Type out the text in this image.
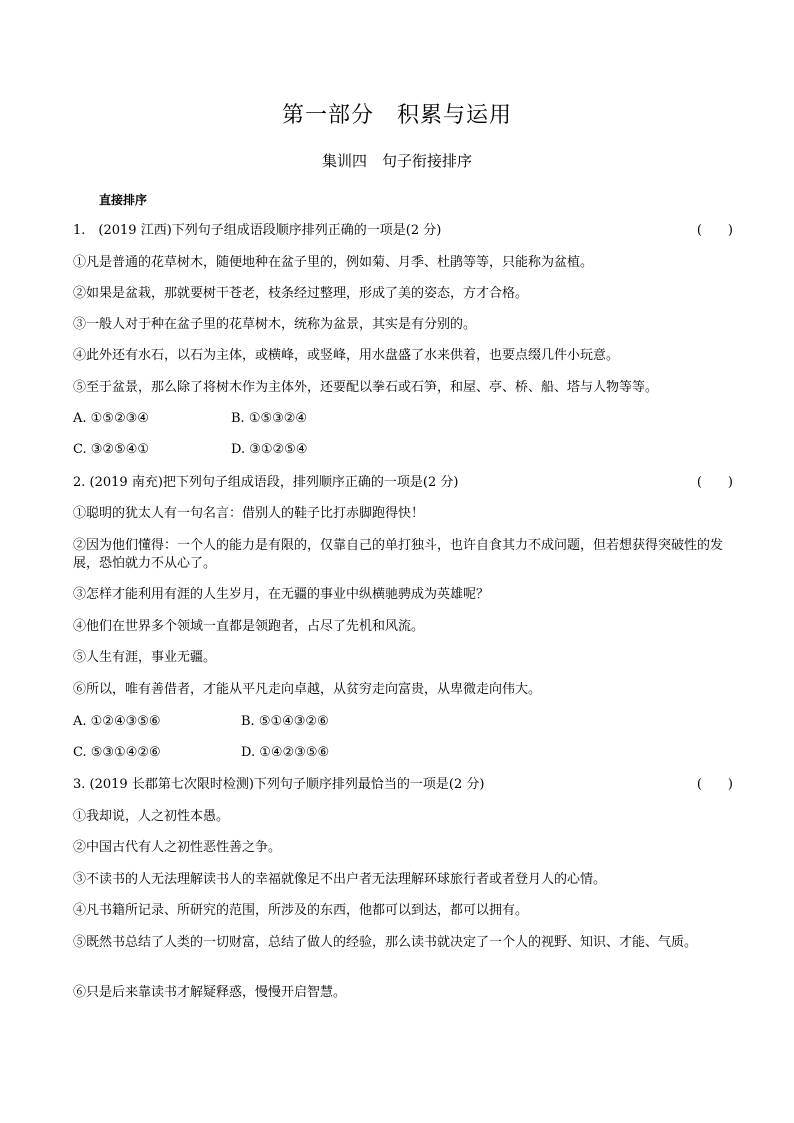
第一部分　积累与运用
集训四　句子衔接排序
直接排序
1.　(2019 江西)下列句子组成语段顺序排列正确的一项是(2 分)	(　　)
①凡是普通的花草树木，随便地种在盆子里的，例如菊、月季、杜鹃等等，只能称为盆植。
②如果是盆栽，那就要树干苍老，枝条经过整理，形成了美的姿态，方才合格。
③一般人对于种在盆子里的花草树木，统称为盆景，其实是有分别的。
④此外还有水石，以石为主体，或横峰，或竖峰，用水盘盛了水来供着，也要点缀几件小玩意。
⑤至于盆景，那么除了将树木作为主体外，还要配以拳石或石笋，和屋、亭、桥、船、塔与人物等等。
A. ①⑤②③④	B. ①⑤③②④
C. ③②⑤④①	D. ③①②⑤④
2. (2019 南充)把下列句子组成语段，排列顺序正确的一项是(2 分)	(　　)
①聪明的犹太人有一句名言：借别人的鞋子比打赤脚跑得快！
②因为他们懂得：一个人的能力是有限的，仅靠自己的单打独斗，也许自食其力不成问题，但若想获得突破性的发展，恐怕就力不从心了。
③怎样才能利用有涯的人生岁月，在无疆的事业中纵横驰骋成为英雄呢？
④他们在世界多个领域一直都是领跑者，占尽了先机和风流。
⑤人生有涯，事业无疆。
⑥所以，唯有善借者，才能从平凡走向卓越，从贫穷走向富贵，从卑微走向伟大。
A. ①②④③⑤⑥	B. ⑤①④③②⑥
C. ⑤③①④②⑥	D. ①④②③⑤⑥
3. (2019 长郡第七次限时检测)下列句子顺序排列最恰当的一项是(2 分)	(　　)
①我却说，人之初性本愚。
②中国古代有人之初性恶性善之争。
③不读书的人无法理解读书人的幸福就像足不出户者无法理解环球旅行者或者登月人的心情。
④凡书籍所记录、所研究的范围，所涉及的东西，他都可以到达，都可以拥有。
⑤既然书总结了人类的一切财富，总结了做人的经验，那么读书就决定了一个人的视野、知识、才能、气质。
⑥只是后来靠读书才解疑释惑，慢慢开启智慧。
